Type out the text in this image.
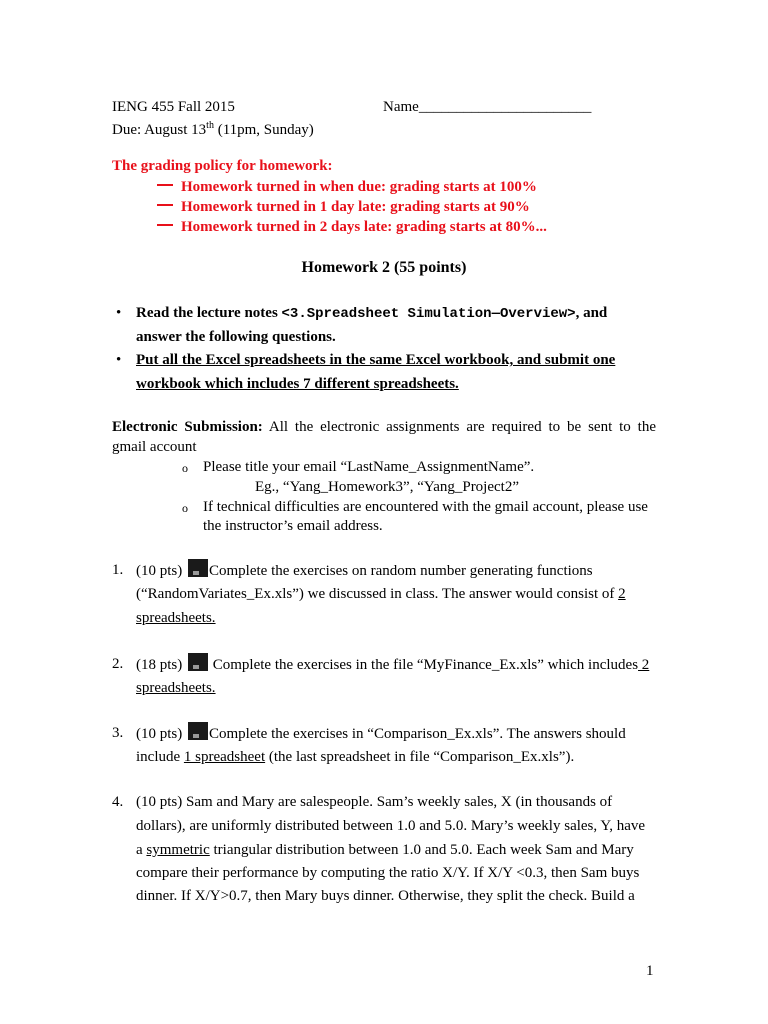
IENG 455 Fall 2015	Name_______________________
Due: August 13th (11pm, Sunday)
The grading policy for homework:
Homework turned in when due: grading starts at 100%
Homework turned in 1 day late: grading starts at 90%
Homework turned in 2 days late: grading starts at 80%...
Homework 2 (55 points)
• Read the lecture notes <3.Spreadsheet Simulation—Overview>, and
answer the following questions.
• Put all the Excel spreadsheets in the same Excel workbook, and submit one
workbook which includes 7 different spreadsheets.
Electronic Submission: All the electronic assignments are required to be sent to the
gmail account
o Please title your email “LastName_AssignmentName”.
Eg., “Yang_Homework3”, “Yang_Project2”
o If technical difficulties are encountered with the gmail account, please use
the instructor’s email address.
1. (10 pts) Complete the exercises on random number generating functions
(“RandomVariates_Ex.xls”) we discussed in class. The answer would consist of 2
spreadsheets.
2. (18 pts)  Complete the exercises in the file “MyFinance_Ex.xls” which includes 2
spreadsheets.
3. (10 pts) Complete the exercises in “Comparison_Ex.xls”. The answers should
include 1 spreadsheet (the last spreadsheet in file “Comparison_Ex.xls”).
4. (10 pts) Sam and Mary are salespeople. Sam’s weekly sales, X (in thousands of
dollars), are uniformly distributed between 1.0 and 5.0. Mary’s weekly sales, Y, have
a symmetric triangular distribution between 1.0 and 5.0. Each week Sam and Mary
compare their performance by computing the ratio X/Y. If X/Y <0.3, then Sam buys
dinner. If X/Y>0.7, then Mary buys dinner. Otherwise, they split the check. Build a
1
